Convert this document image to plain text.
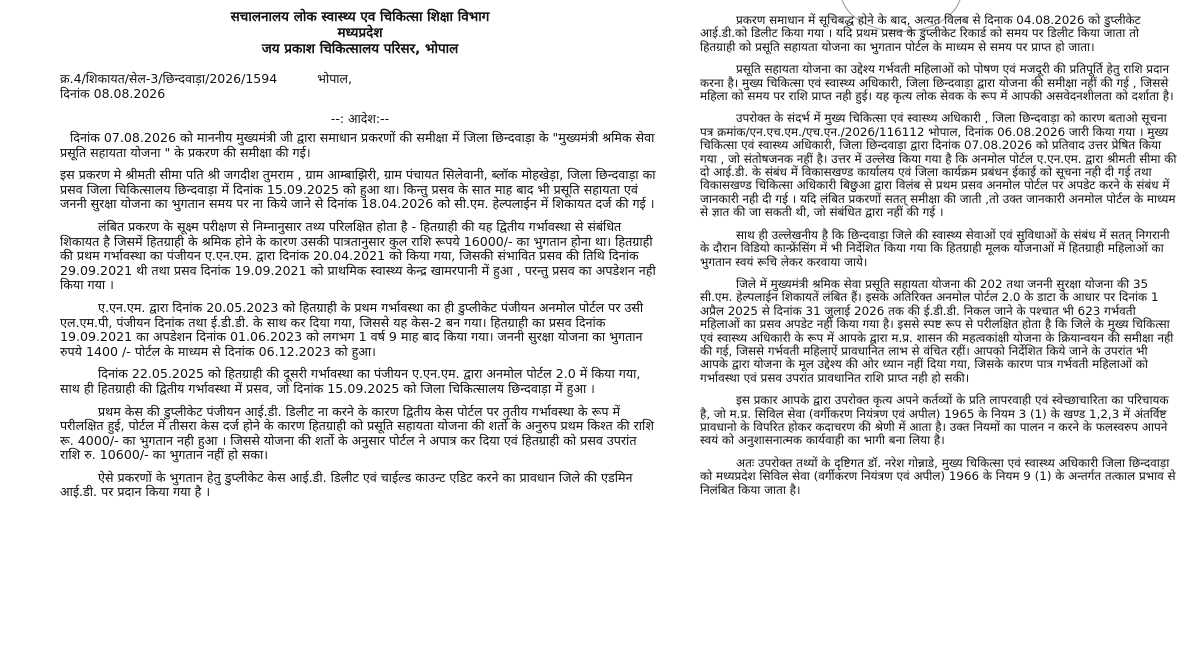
सचालनालय लोक स्वास्थ्य एव चिकित्सा शिक्षा विभाग
मध्यप्रदेश
जय प्रकाश चिकित्सालय परिसर, भोपाल
क्र.4/शिकायत/सेल-3/छिन्दवाड़ा/2026/1594	भोपाल,
दिनांक 08.08.2026
--: आदेश:--

दिनांक 07.08.2026 को माननीय मुख्यमंत्री जी द्वारा समाधान प्रकरणों की समीक्षा में जिला छिन्दवाड़ा के "मुख्यमंत्री श्रमिक सेवा प्रसूति सहायता योजना " के प्रकरण की समीक्षा की गई।

इस प्रकरण मे श्रीमती सीमा पति श्री जगदीश तुमराम , ग्राम आम्बाझिरी, ग्राम पंचायत सिलेवानी, ब्लॉक मोहखेड़ा, जिला छिन्दवाड़ा का प्रसव जिला चिकित्सालय छिन्दवाड़ा में दिनांक 15.09.2025 को हुआ था। किन्तु प्रसव के सात माह बाद भी प्रसूति सहायता एवं जननी सुरक्षा योजना का भुगतान समय पर ना किये जाने से दिनांक 18.04.2026 को सी.एम. हेल्पलाईन में शिकायत दर्ज की गई ।

लंबित प्रकरण के सूक्ष्म परीक्षण से निम्नानुसार तथ्य परिलक्षित होता है - हितग्राही की यह द्वितीय गर्भावस्था से संबंधित शिकायत है जिसमें हितग्राही के श्रमिक होने के कारण उसकी पात्रतानुसार कुल राशि रूपये 16000/- का भुगतान होना था। हितग्राही की प्रथम गर्भावस्था का पंजीयन ए.एन.एम. द्वारा दिनांक 20.04.2021 को किया गया, जिसकी संभावित प्रसव की तिथि दिनांक 29.09.2021 थी तथा प्रसव दिनांक 19.09.2021 को प्राथमिक स्वास्थ्य केन्द्र खामरपानी में हुआ , परन्तु प्रसव का अपडेशन नही किया गया ।

ए.एन.एम. द्वारा दिनांक 20.05.2023 को हितग्राही के प्रथम गर्भावस्था का ही डुप्लीकेट पंजीयन अनमोल पोर्टल पर उसी एल.एम.पी, पंजीयन दिनांक तथा ई.डी.डी. के साथ कर दिया गया, जिससे यह केस-2 बन गया। हितग्राही का प्रसव दिनांक 19.09.2021 का अपडेशन दिनांक 01.06.2023 को लगभग 1 वर्ष 9 माह बाद किया गया। जननी सुरक्षा योजना का भुगतान रुपये 1400 /- पोर्टल के माध्यम से दिनांक 06.12.2023 को हुआ।

दिनांक 22.05.2025 को हितग्राही की दूसरी गर्भावस्था का पंजीयन ए.एन.एम. द्वारा अनमोल पोर्टल 2.0 में किया गया, साथ ही हितग्राही की द्वितीय गर्भावस्था में प्रसव, जो दिनांक 15.09.2025 को जिला चिकित्सालय छिन्दवाड़ा में हुआ ।

प्रथम केस की डुप्लीकेट पंजीयन आई.डी. डिलीट ना करने के कारण द्वितीय केस पोर्टल पर तृतीय गर्भावस्था के रूप में परीलक्षित हुई, पोर्टल में तीसरा केस दर्ज होने के कारण हितग्राही को प्रसूति सहायता योजना की शर्तो के अनुरुप प्रथम किश्त की राशि रू. 4000/- का भुगतान नही हुआ । जिससे योजना की शर्तो के अनुसार पोर्टल ने अपात्र कर दिया एवं हितग्राही को प्रसव उपरांत राशि रु. 10600/- का भुगतान नहीं हो सका।

ऐसे प्रकरणों के भुगतान हेतु डुप्लीकेट केस आई.डी. डिलीट एवं चाईल्ड काउन्ट एडिट करने का प्रावधान जिले की एडमिन आई.डी. पर प्रदान किया गया है ।

प्रकरण समाधान में सूचिबद्ध होने के बाद, अत्यत विलब से दिनाक 04.08.2026 को डुप्लीकेट आई.डी.को डिलीट किया गया । यदि प्रथम प्रसव के डुप्लीकेट रिकार्ड को समय पर डिलीट किया जाता तो हितग्राही को प्रसूति सहायता योजना का भुगतान पोर्टल के माध्यम से समय पर प्राप्त हो जाता।

प्रसूति सहायता योजना का उद्देश्य गर्भवती महिलाओं को पोषण एवं मजदूरी की प्रतिपूर्ति हेतु राशि प्रदान करना है। मुख्य चिकित्सा एवं स्वास्थ्य अधिकारी, जिला छिन्दवाड़ा द्वारा योजना की समीक्षा नहीं की गई , जिससे महिला को समय पर राशि प्राप्त नही हुई। यह कृत्य लोक सेवक के रूप में आपकी असवेदनशीलता को दर्शाता है।

उपरोक्त के संदर्भ में मुख्य चिकित्सा एवं स्वास्थ्य अधिकारी , जिला छिन्दवाड़ा को कारण बताओ सूचना पत्र क्रमांक/एन.एच.एम./एच.एन./2026/116112 भोपाल, दिनांक 06.08.2026 जारी किया गया । मुख्य चिकित्सा एवं स्वास्थ्य अधिकारी, जिला छिन्दवाड़ा द्वारा दिनांक 07.08.2026 को प्रतिवाद उत्तर प्रेषित किया गया , जो संतोषजनक नहीं है। उत्तर में उल्लेख किया गया है कि अनमोल पोर्टल ए.एन.एम. द्वारा श्रीमती सीमा की दो आई.डी. के संबंध में विकासखण्ड कार्यालय एवं जिला कार्यक्रम प्रबंधन ईकाई को सूचना नही दी गई तथा विकासखण्ड चिकित्सा अधिकारी बिछुआ द्वारा विलंब से प्रथम प्रसव अनमोल पोर्टल पर अपडेट करने के संबंध में जानकारी नही दी गई । यदि लंबित प्रकरणों सतत् समीक्षा की जाती ,तो उक्त जानकारी अनमोल पोर्टल के माध्यम से ज्ञात की जा सकती थी, जो संबंधित द्वारा नहीं की गई ।

साथ ही उल्लेखनीय है कि छिन्दवाड़ा जिले की स्वास्थ्य सेवाओं एवं सुविधाओं के संबंध में सतत् निगरानी के दौरान विडियो कान्फ्रेंसिंग में भी निर्देशित किया गया कि हितग्राही मूलक योजनाओं में हितग्राही महिलाओं का भुगतान स्वयं रूचि लेकर करवाया जाये।

जिले में मुख्यमंत्री श्रमिक सेवा प्रसूति सहायता योजना की 202 तथा जननी सुरक्षा योजना की 35 सी.एम. हेल्पलाईन शिकायतें लंबित हैं। इसके अतिरिक्त अनमोल पोर्टल 2.0 के डाटा के आधार पर दिनांक 1 अप्रैल 2025 से दिनांक 31 जुलाई 2026 तक की ई.डी.डी. निकल जाने के पश्चात भी 623 गर्भवती महिलाओं का प्रसव अपडेट नही किया गया है। इससे स्पष्ट रूप से परीलक्षित होता है कि जिले के मुख्य चिकित्सा एवं स्वास्थ्य अधिकारी के रूप में आपके द्वारा म.प्र. शासन की महत्वकांक्षी योजना के क्रियान्वयन की समीक्षा नही की गई, जिससे गर्भवती महिलाऐं प्रावधानित लाभ से वंचित रहीं। आपको निर्देशित किये जाने के उपरांत भी आपके द्वारा योजना के मूल उद्देश्य की ओर ध्यान नहीं दिया गया, जिसके कारण पात्र गर्भवती महिलाओं को गर्भावस्था एवं प्रसव उपरांत प्रावधानित राशि प्राप्त नही हो सकी।

इस प्रकार आपके द्वारा उपरोक्त कृत्य अपने कर्तव्यों के प्रति लापरवाही एवं स्वेच्छाचारिता का परिचायक है, जो म.प्र. सिविल सेवा (वर्गीकरण नियंत्रण एवं अपील) 1965 के नियम 3 (1) के खण्ड 1,2,3 में अंतर्विष्ट प्रावधानो के विपरित होकर कदाचरण की श्रेणी में आता है। उक्त नियमों का पालन न करने के फलस्वरुप आपने स्वयं को अनुशासनात्मक कार्यवाही का भागी बना लिया है।

अतः उपरोक्त तथ्यों के दृष्टिगत डॉ. नरेश गोन्नाडे, मुख्य चिकित्सा एवं स्वास्थ्य अधिकारी जिला छिन्दवाड़ा को मध्यप्रदेश सिविल सेवा (वर्गीकरण नियंत्रण एवं अपील) 1966 के नियम 9 (1) के अन्तर्गत तत्काल प्रभाव से निलंबित किया जाता है।
